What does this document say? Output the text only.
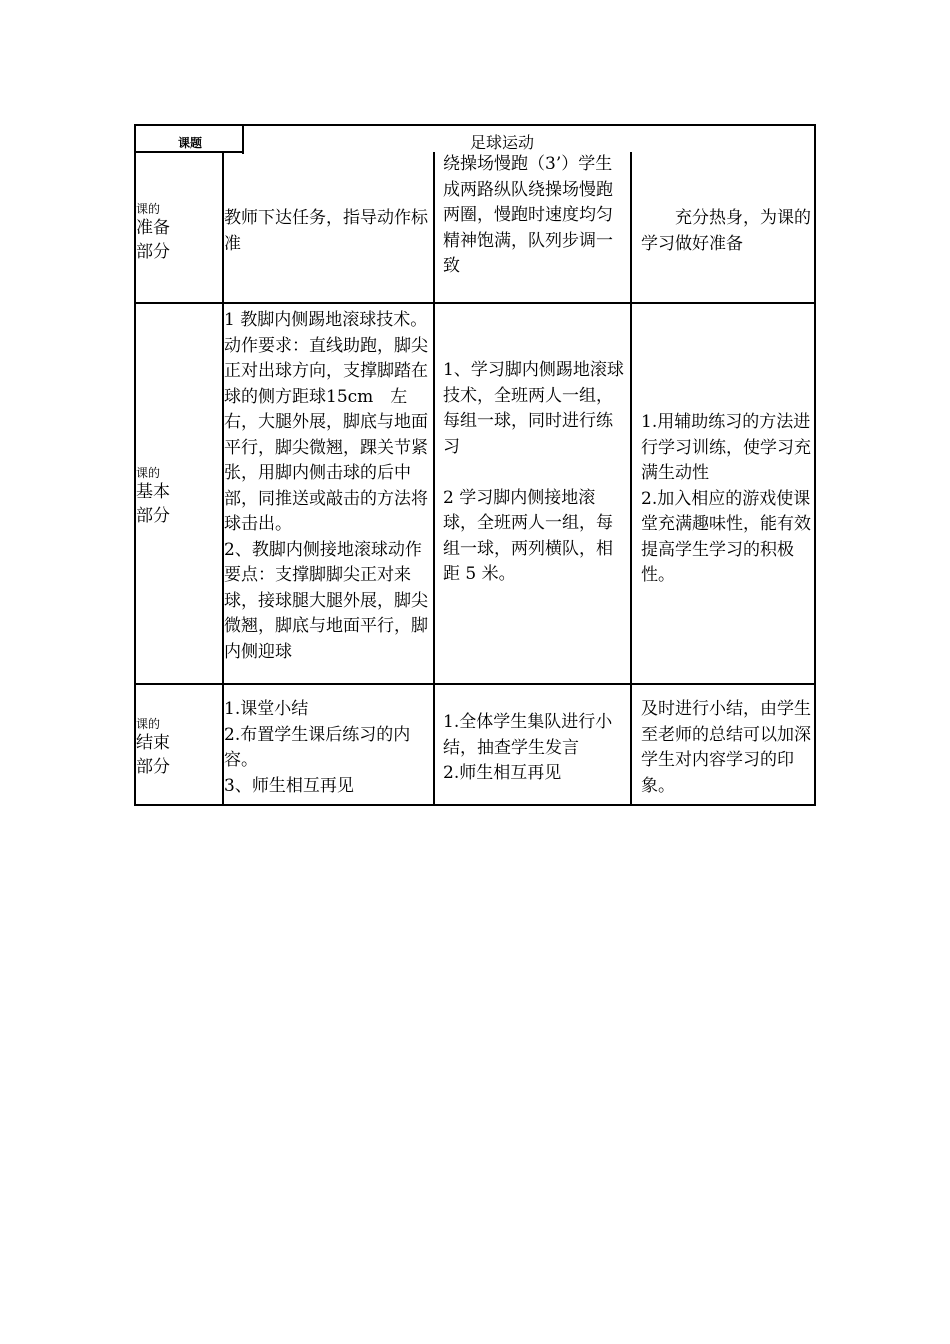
课题	足球运动
课的
准备
部分
教师下达任务，指导动作标准
绕操场慢跑（3’）学生成两路纵队绕操场慢跑两圈，慢跑时速度均匀精神饱满，队列步调一致
　　充分热身，为课的学习做好准备
课的
基本
部分
1 教脚内侧踢地滚球技术。动作要求：直线助跑，脚尖正对出球方向，支撑脚踏在球的侧方距球15cm　左右，大腿外展，脚底与地面平行，脚尖微翘，踝关节紧张，用脚内侧击球的后中部，同推送或敲击的方法将球击出。
2、教脚内侧接地滚球动作要点：支撑脚脚尖正对来球，接球腿大腿外展，脚尖微翘，脚底与地面平行，脚内侧迎球
1、学习脚内侧踢地滚球技术，全班两人一组，每组一球，同时进行练习

2 学习脚内侧接地滚球，全班两人一组，每组一球，两列横队，相距 5 米。
1.用辅助练习的方法进行学习训练，使学习充满生动性
2.加入相应的游戏使课堂充满趣味性，能有效提高学生学习的积极性。
课的
结束
部分
1.课堂小结
2.布置学生课后练习的内容。
3、师生相互再见
1.全体学生集队进行小结，抽查学生发言
2.师生相互再见
及时进行小结，由学生至老师的总结可以加深学生对内容学习的印象。
